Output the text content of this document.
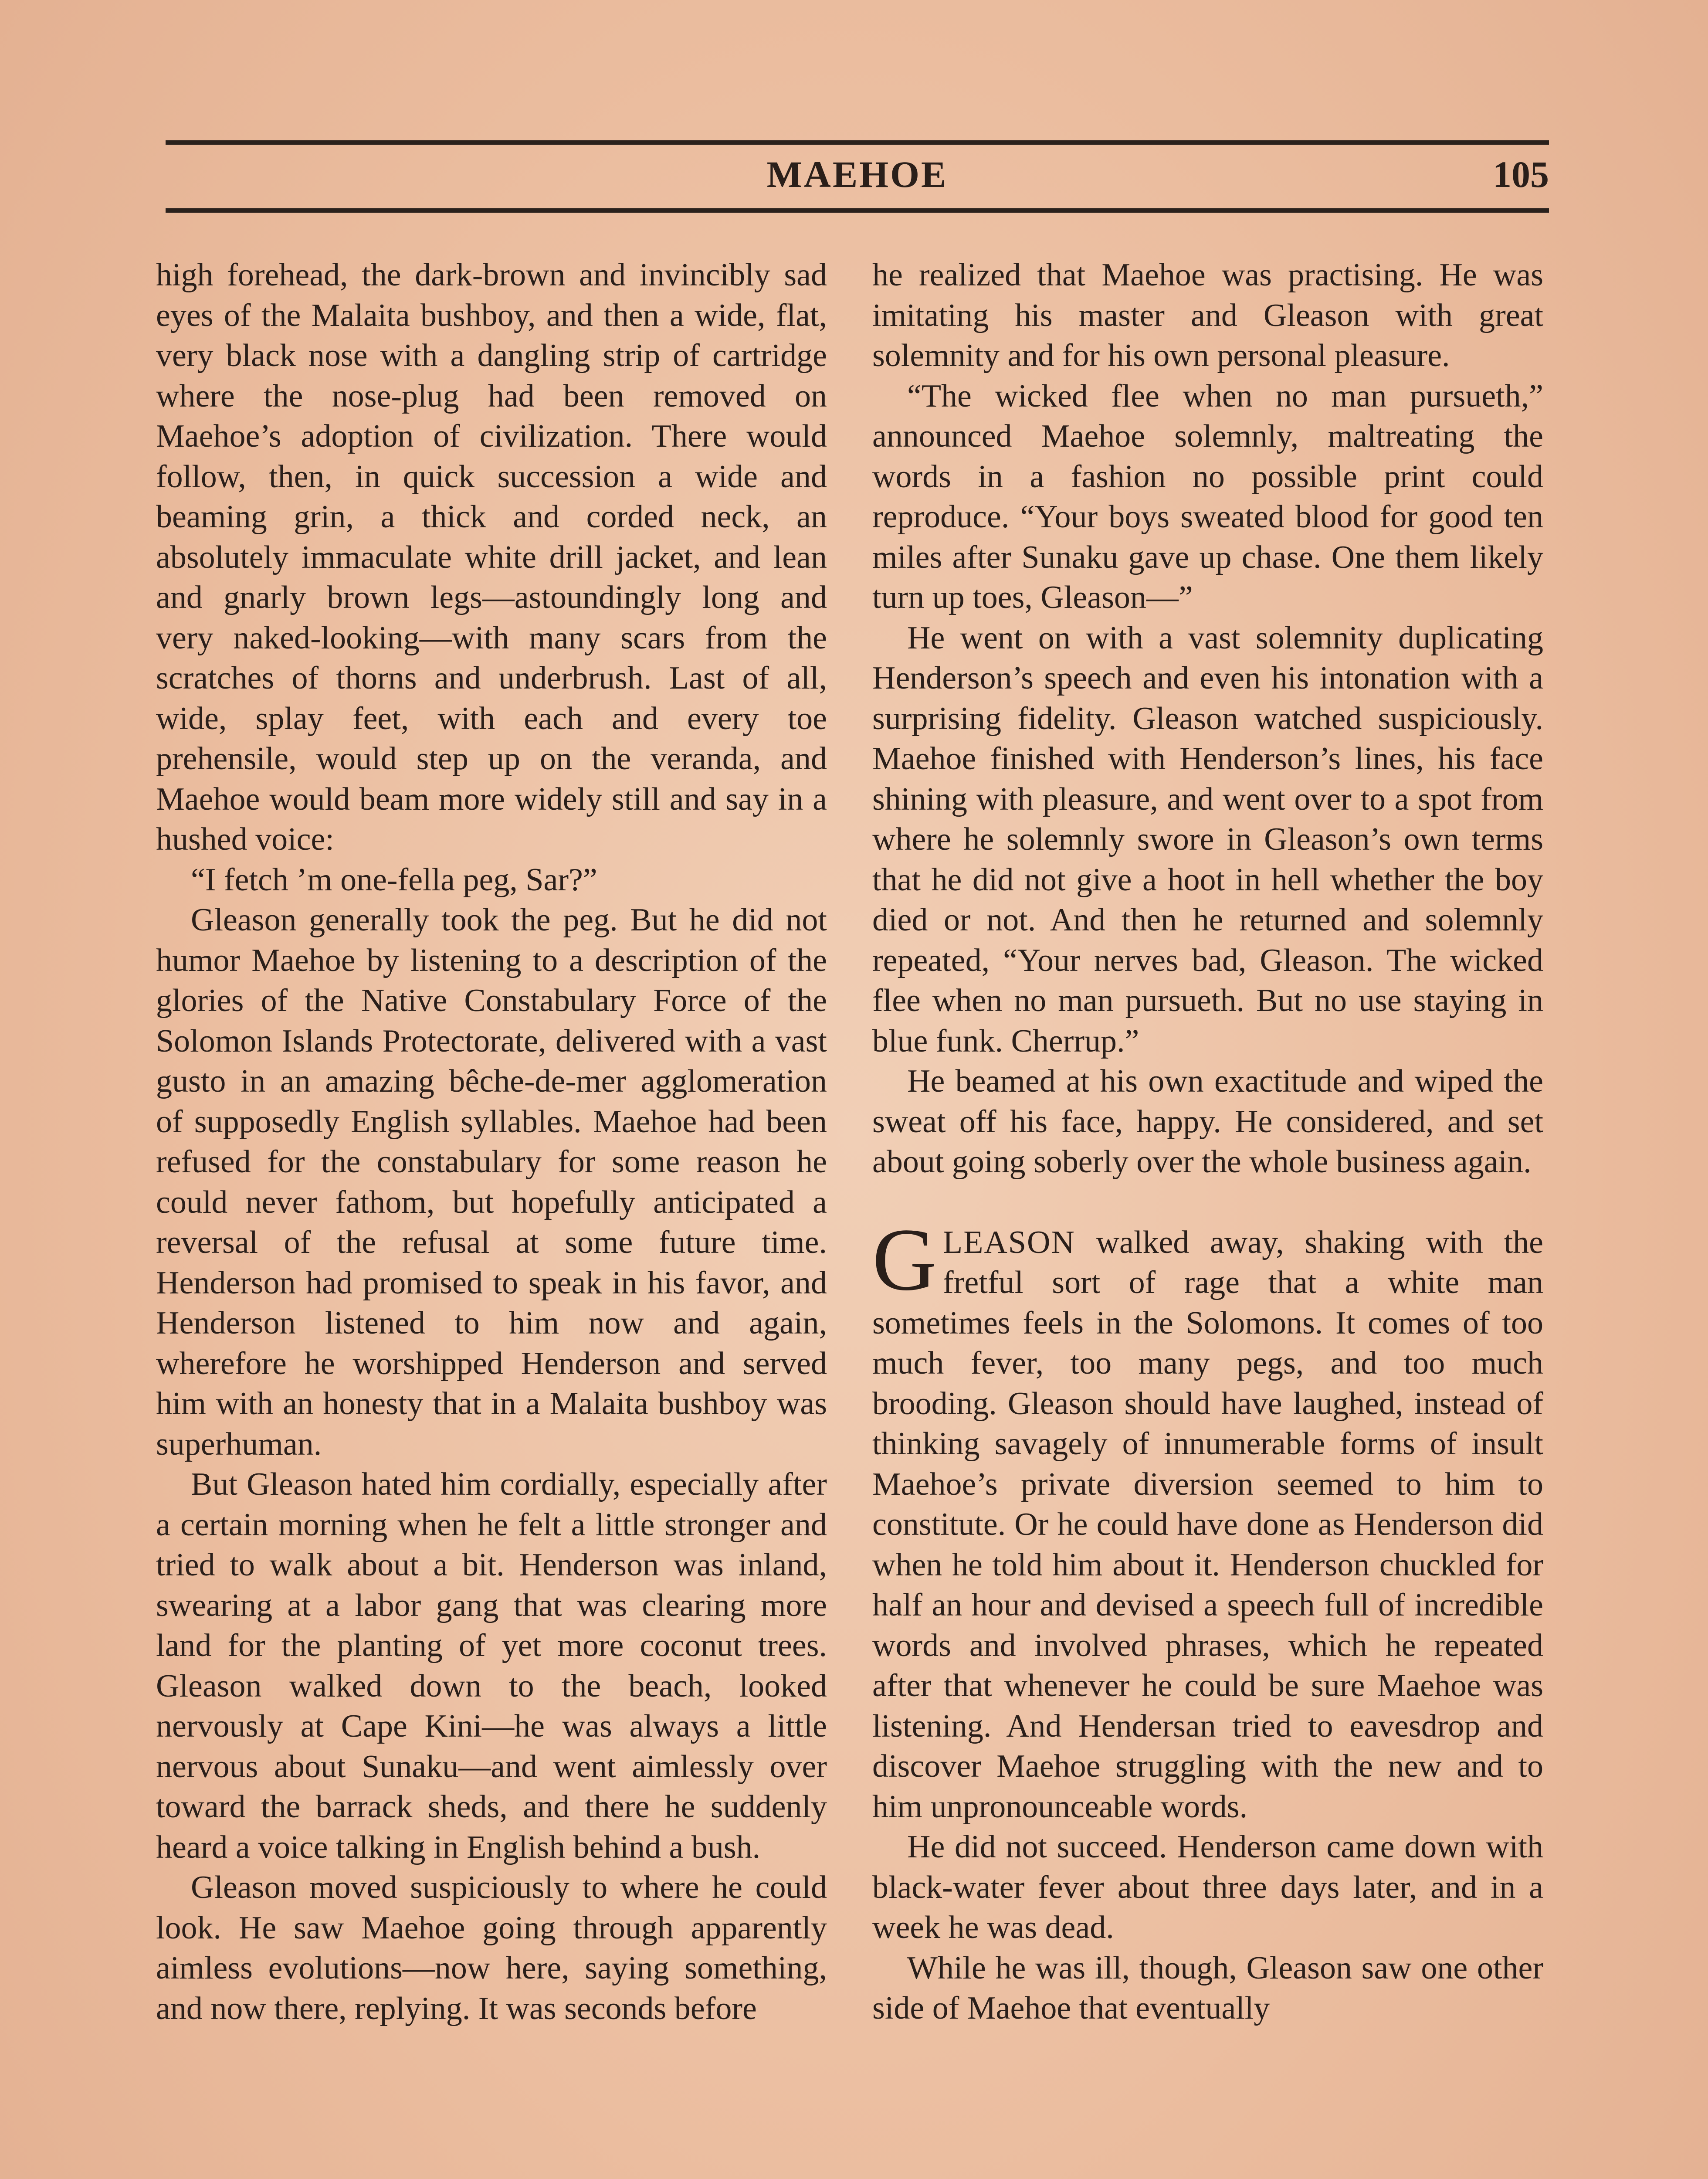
MAEHOE	105

high forehead, the dark-brown and invincibly sad eyes of the Malaita bushboy, and then a wide, flat, very black nose with a dangling strip of cartridge where the nose-plug had been removed on Maehoe’s adoption of civilization. There would follow, then, in quick succession a wide and beaming grin, a thick and corded neck, an absolutely immaculate white drill jacket, and lean and gnarly brown legs—astoundingly long and very naked-looking—with many scars from the scratches of thorns and underbrush. Last of all, wide, splay feet, with each and every toe prehensile, would step up on the veranda, and Maehoe would beam more widely still and say in a hushed voice:

“I fetch ’m one-fella peg, Sar?”

Gleason generally took the peg. But he did not humor Maehoe by listening to a description of the glories of the Native Constabulary Force of the Solomon Islands Protectorate, delivered with a vast gusto in an amazing bêche-de-mer agglomeration of supposedly English syllables. Maehoe had been refused for the constabulary for some reason he could never fathom, but hopefully anticipated a reversal of the refusal at some future time. Henderson had promised to speak in his favor, and Henderson listened to him now and again, wherefore he worshipped Henderson and served him with an honesty that in a Malaita bushboy was superhuman.

But Gleason hated him cordially, especially after a certain morning when he felt a little stronger and tried to walk about a bit. Henderson was inland, swearing at a labor gang that was clearing more land for the planting of yet more coconut trees. Gleason walked down to the beach, looked nervously at Cape Kini—he was always a little nervous about Sunaku—and went aimlessly over toward the barrack sheds, and there he suddenly heard a voice talking in English behind a bush.

Gleason moved suspiciously to where he could look. He saw Maehoe going through apparently aimless evolutions—now here, saying something, and now there, replying. It was seconds before

he realized that Maehoe was practising. He was imitating his master and Gleason with great solemnity and for his own personal pleasure.

“The wicked flee when no man pursueth,” announced Maehoe solemnly, maltreating the words in a fashion no possible print could reproduce. “Your boys sweated blood for good ten miles after Sunaku gave up chase. One them likely turn up toes, Gleason—”

He went on with a vast solemnity duplicating Henderson’s speech and even his intonation with a surprising fidelity. Gleason watched suspiciously. Maehoe finished with Henderson’s lines, his face shining with pleasure, and went over to a spot from where he solemnly swore in Gleason’s own terms that he did not give a hoot in hell whether the boy died or not. And then he returned and solemnly repeated, “Your nerves bad, Gleason. The wicked flee when no man pursueth. But no use staying in blue funk. Cherrup.”

He beamed at his own exactitude and wiped the sweat off his face, happy. He considered, and set about going soberly over the whole business again.

GLEASON walked away, shaking with the fretful sort of rage that a white man sometimes feels in the Solomons. It comes of too much fever, too many pegs, and too much brooding. Gleason should have laughed, instead of thinking savagely of innumerable forms of insult Maehoe’s private diversion seemed to him to constitute. Or he could have done as Henderson did when he told him about it. Henderson chuckled for half an hour and devised a speech full of incredible words and involved phrases, which he repeated after that whenever he could be sure Maehoe was listening. And Hendersan tried to eavesdrop and discover Maehoe struggling with the new and to him unpronounceable words.

He did not succeed. Henderson came down with black-water fever about three days later, and in a week he was dead.

While he was ill, though, Gleason saw one other side of Maehoe that eventually
